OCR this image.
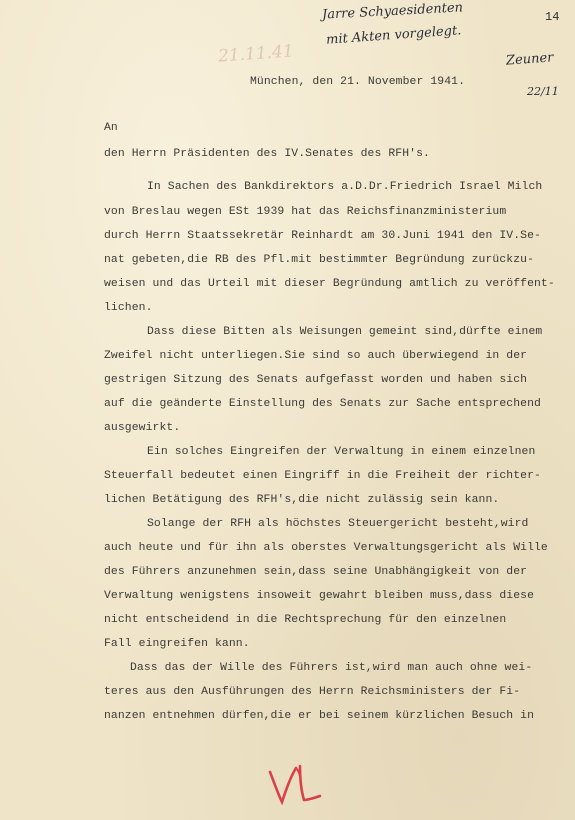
21.11.41
Jarre Schyaesidenten	14
mit Akten vorgelegt.
Zeuner
22/11
München, den 21. November 1941.
An
den Herrn Präsidenten des IV.Senates des RFH's.
In Sachen des Bankdirektors a.D.Dr.Friedrich Israel Milch
von Breslau wegen ESt 1939 hat das Reichsfinanzministerium
durch Herrn Staatssekretär Reinhardt am 30.Juni 1941 den IV.Se-
nat gebeten,die RB des Pfl.mit bestimmter Begründung zurückzu-
weisen und das Urteil mit dieser Begründung amtlich zu veröffent-
lichen.
Dass diese Bitten als Weisungen gemeint sind,dürfte einem
Zweifel nicht unterliegen.Sie sind so auch überwiegend in der
gestrigen Sitzung des Senats aufgefasst worden und haben sich
auf die geänderte Einstellung des Senats zur Sache entsprechend
ausgewirkt.
Ein solches Eingreifen der Verwaltung in einem einzelnen
Steuerfall bedeutet einen Eingriff in die Freiheit der richter-
lichen Betätigung des RFH's,die nicht zulässig sein kann.
Solange der RFH als höchstes Steuergericht besteht,wird
auch heute und für ihn als oberstes Verwaltungsgericht als Wille
des Führers anzunehmen sein,dass seine Unabhängigkeit von der
Verwaltung wenigstens insoweit gewahrt bleiben muss,dass diese
nicht entscheidend in die Rechtsprechung für den einzelnen
Fall eingreifen kann.
Dass das der Wille des Führers ist,wird man auch ohne wei-
teres aus den Ausführungen des Herrn Reichsministers der Fi-
nanzen entnehmen dürfen,die er bei seinem kürzlichen Besuch in
